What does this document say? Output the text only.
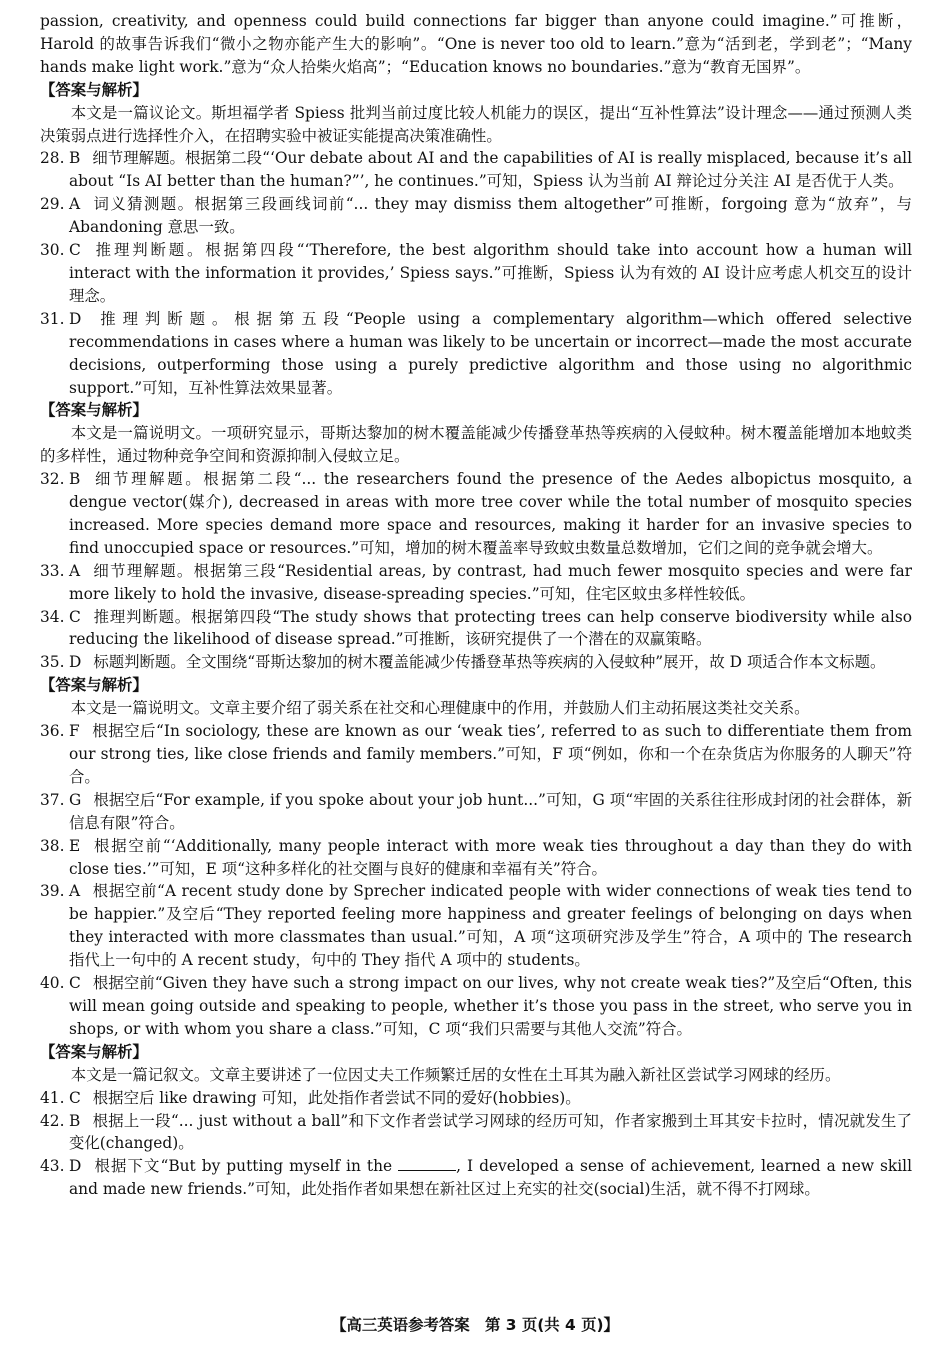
passion, creativity, and openness could build connections far bigger than anyone could imagine.”可推断，Harold 的故事告诉我们“微小之物亦能产生大的影响”。“One is never too old to learn.”意为“活到老，学到老”；“Many hands make light work.”意为“众人拾柴火焰高”；“Education knows no boundaries.”意为“教育无国界”。

【答案与解析】

本文是一篇议论文。斯坦福学者 Spiess 批判当前过度比较人机能力的误区，提出“互补性算法”设计理念——通过预测人类决策弱点进行选择性介入，在招聘实验中被证实能提高决策准确性。

28. B 细节理解题。根据第二段“‘Our debate about AI and the capabilities of AI is really misplaced, because it’s all about “Is AI better than the human?”’, he continues.”可知，Spiess 认为当前 AI 辩论过分关注 AI 是否优于人类。

29. A 词义猜测题。根据第三段画线词前“... they may dismiss them altogether”可推断，forgoing 意为“放弃”，与 Abandoning 意思一致。

30. C 推理判断题。根据第四段“‘Therefore, the best algorithm should take into account how a human will interact with the information it provides,’ Spiess says.”可推断，Spiess 认为有效的 AI 设计应考虑人机交互的设计理念。

31. D 推理判断题。根据第五段“People using a complementary algorithm—which offered selective recommendations in cases where a human was likely to be uncertain or incorrect—made the most accurate decisions, outperforming those using a purely predictive algorithm and those using no algorithmic support.”可知，互补性算法效果显著。

【答案与解析】

本文是一篇说明文。一项研究显示，哥斯达黎加的树木覆盖能减少传播登革热等疾病的入侵蚊种。树木覆盖能增加本地蚊类的多样性，通过物种竞争空间和资源抑制入侵蚊立足。

32. B 细节理解题。根据第二段“... the researchers found the presence of the Aedes albopictus mosquito, a dengue vector(媒介), decreased in areas with more tree cover while the total number of mosquito species increased. More species demand more space and resources, making it harder for an invasive species to find unoccupied space or resources.”可知，增加的树木覆盖率导致蚊虫数量总数增加，它们之间的竞争就会增大。

33. A 细节理解题。根据第三段“Residential areas, by contrast, had much fewer mosquito species and were far more likely to hold the invasive, disease-spreading species.”可知，住宅区蚊虫多样性较低。

34. C 推理判断题。根据第四段“The study shows that protecting trees can help conserve biodiversity while also reducing the likelihood of disease spread.”可推断，该研究提供了一个潜在的双赢策略。

35. D 标题判断题。全文围绕“哥斯达黎加的树木覆盖能减少传播登革热等疾病的入侵蚊种”展开，故 D 项适合作本文标题。

【答案与解析】

本文是一篇说明文。文章主要介绍了弱关系在社交和心理健康中的作用，并鼓励人们主动拓展这类社交关系。

36. F 根据空后“In sociology, these are known as our ‘weak ties’, referred to as such to differentiate them from our strong ties, like close friends and family members.”可知，F 项“例如，你和一个在杂货店为你服务的人聊天”符合。

37. G 根据空后“For example, if you spoke about your job hunt...”可知，G 项“牢固的关系往往形成封闭的社会群体，新信息有限”符合。

38. E 根据空前“‘Additionally, many people interact with more weak ties throughout a day than they do with close ties.’”可知，E 项“这种多样化的社交圈与良好的健康和幸福有关”符合。

39. A 根据空前“A recent study done by Sprecher indicated people with wider connections of weak ties tend to be happier.”及空后“They reported feeling more happiness and greater feelings of belonging on days when they interacted with more classmates than usual.”可知，A 项“这项研究涉及学生”符合，A 项中的 The research 指代上一句中的 A recent study，句中的 They 指代 A 项中的 students。

40. C 根据空前“Given they have such a strong impact on our lives, why not create weak ties?”及空后“Often, this will mean going outside and speaking to people, whether it’s those you pass in the street, who serve you in shops, or with whom you share a class.”可知，C 项“我们只需要与其他人交流”符合。

【答案与解析】

本文是一篇记叙文。文章主要讲述了一位因丈夫工作频繁迁居的女性在土耳其为融入新社区尝试学习网球的经历。

41. C 根据空后 like drawing 可知，此处指作者尝试不同的爱好(hobbies)。

42. B 根据上一段“... just without a ball”和下文作者尝试学习网球的经历可知，作者家搬到土耳其安卡拉时，情况就发生了变化(changed)。

43. D 根据下文“But by putting myself in the	, I developed a sense of achievement, learned a new skill and made new friends.”可知，此处指作者如果想在新社区过上充实的社交(social)生活，就不得不打网球。

【高三英语参考答案　第 3 页(共 4 页)】
